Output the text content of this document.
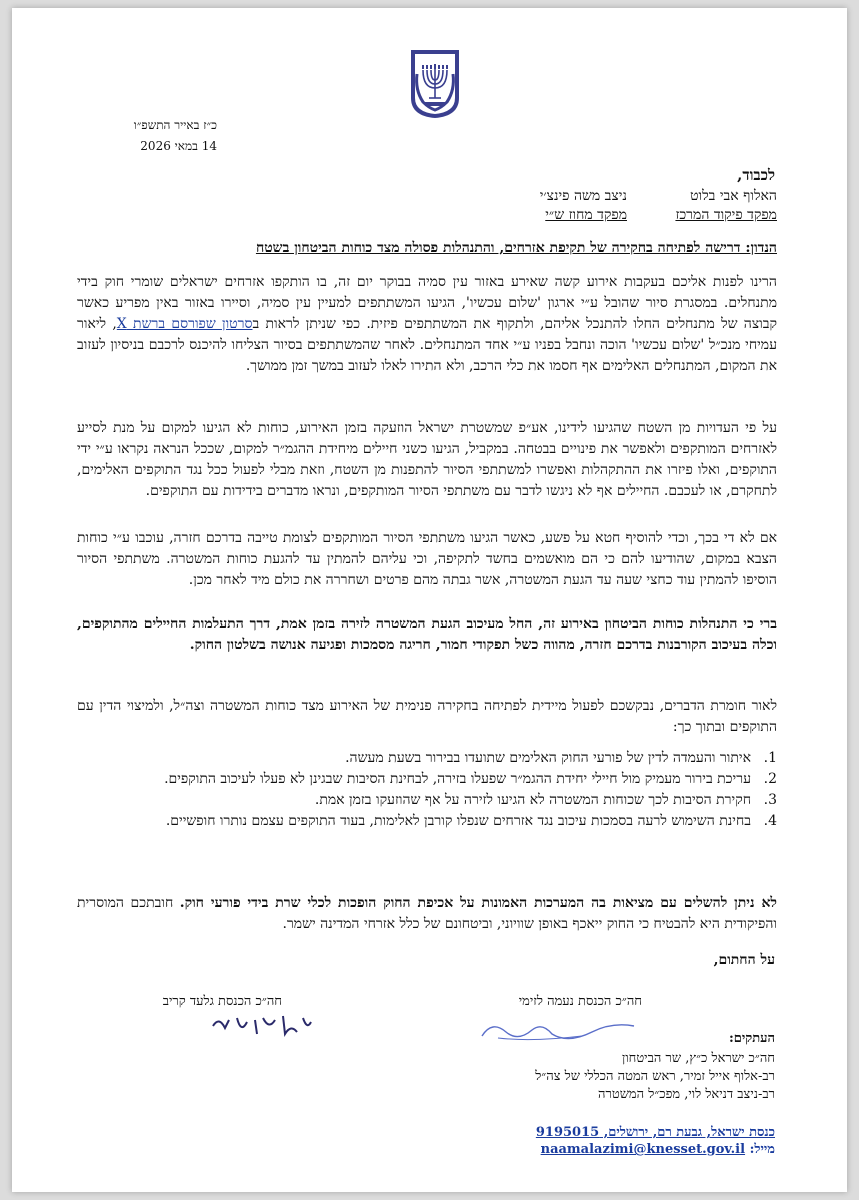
כ״ז באייר התשפ״ו
14 במאי 2026
לכבוד,
האלוף אבי בלוט
מפקד פיקוד המרכז
ניצב משה פינצ׳י
מפקד מחוז ש״י
הנדון: דרישה לפתיחה בחקירה של תקיפת אזרחים, והתנהלות פסולה מצד כוחות הביטחון בשטח
הרינו לפנות אליכם בעקבות אירוע קשה שאירע באזור עין סמיה בבוקר יום זה, בו הותקפו אזרחים ישראלים שומרי חוק בידי מתנחלים. במסגרת סיור שהובל ע״י ארגון 'שלום עכשיו', הגיעו המשתתפים למעיין עין סמיה, וסיירו באזור באין מפריע כאשר קבוצה של מתנחלים החלו להתנכל אליהם, ולתקוף את המשתתפים פיזית. כפי שניתן לראות בסרטון שפורסם ברשת X, ליאור עמיחי מנכ״ל 'שלום עכשיו' הוכה ונחבל בפניו ע״י אחד המתנחלים. לאחר שהמשתתפים בסיור הצליחו להיכנס לרכבם בניסיון לעזוב את המקום, המתנחלים האלימים אף חסמו את כלי הרכב, ולא התירו לאלו לעזוב במשך זמן ממושך.
על פי העדויות מן השטח שהגיעו לידינו, אע״פ שמשטרת ישראל הוזעקה בזמן האירוע, כוחות לא הגיעו למקום על מנת לסייע לאזרחים המותקפים ולאפשר את פינויים בבטחה. במקביל, הגיעו כשני חיילים מיחידת ההגמ״ר למקום, שככל הנראה נקראו ע״י ידי התוקפים, ואלו פיזרו את ההתקהלות ואפשרו למשתתפי הסיור להתפנות מן השטח, וזאת מבלי לפעול ככל נגד התוקפים האלימים, לתחקרם, או לעכבם. החיילים אף לא ניגשו לדבר עם משתתפי הסיור המותקפים, ונראו מדברים בידידות עם התוקפים.
אם לא די בכך, וכדי להוסיף חטא על פשע, כאשר הגיעו משתתפי הסיור המותקפים לצומת טייבה בדרכם חזרה, עוכבו ע״י כוחות הצבא במקום, שהודיעו להם כי הם מואשמים בחשד לתקיפה, וכי עליהם להמתין עד להגעת כוחות המשטרה. משתתפי הסיור הוסיפו להמתין עוד כחצי שעה עד הגעת המשטרה, אשר גבתה מהם פרטים ושחררה את כולם מיד לאחר מכן.
ברי כי התנהלות כוחות הביטחון באירוע זה, החל מעיכוב הגעת המשטרה לזירה בזמן אמת, דרך התעלמות החיילים מהתוקפים, וכלה בעיכוב הקורבנות בדרכם חזרה, מהווה כשל תפקודי חמור, חריגה מסמכות ופגיעה אנושה בשלטון החוק.
לאור חומרת הדברים, נבקשכם לפעול מיידית לפתיחה בחקירה פנימית של האירוע מצד כוחות המשטרה וצה״ל, ולמיצוי הדין עם התוקפים ובתוך כך:
1.
איתור והעמדה לדין של פורעי החוק האלימים שתועדו בבירור בשעת מעשה.
2.
עריכת בירור מעמיק מול חיילי יחידת ההגמ״ר שפעלו בזירה, לבחינת הסיבות שבגינן לא פעלו לעיכוב התוקפים.
3.
חקירת הסיבות לכך שכוחות המשטרה לא הגיעו לזירה על אף שהוזעקו בזמן אמת.
4.
בחינת השימוש לרעה בסמכות עיכוב נגד אזרחים שנפלו קורבן לאלימות, בעוד התוקפים עצמם נותרו חופשיים.
לא ניתן להשלים עם מציאות בה המערכות האמונות על אכיפת החוק הופכות לכלי שרת בידי פורעי חוק. חובתכם המוסרית והפיקודית היא להבטיח כי החוק ייאכף באופן שוויוני, וביטחונם של כלל אזרחי המדינה ישמר.
על החתום,
חה״כ הכנסת נעמה לזימי
חה״כ הכנסת גלעד קריב
העתקים:
חה״כ ישראל כ״ץ, שר הביטחון
רב-אלוף אייל זמיר, ראש המטה הכללי של צה״ל
רב-ניצב דניאל לוי, מפכ״ל המשטרה
כנסת ישראל, גבעת רם, ירושלים, 9195015
מייל: naamalazimi@knesset.gov.il
